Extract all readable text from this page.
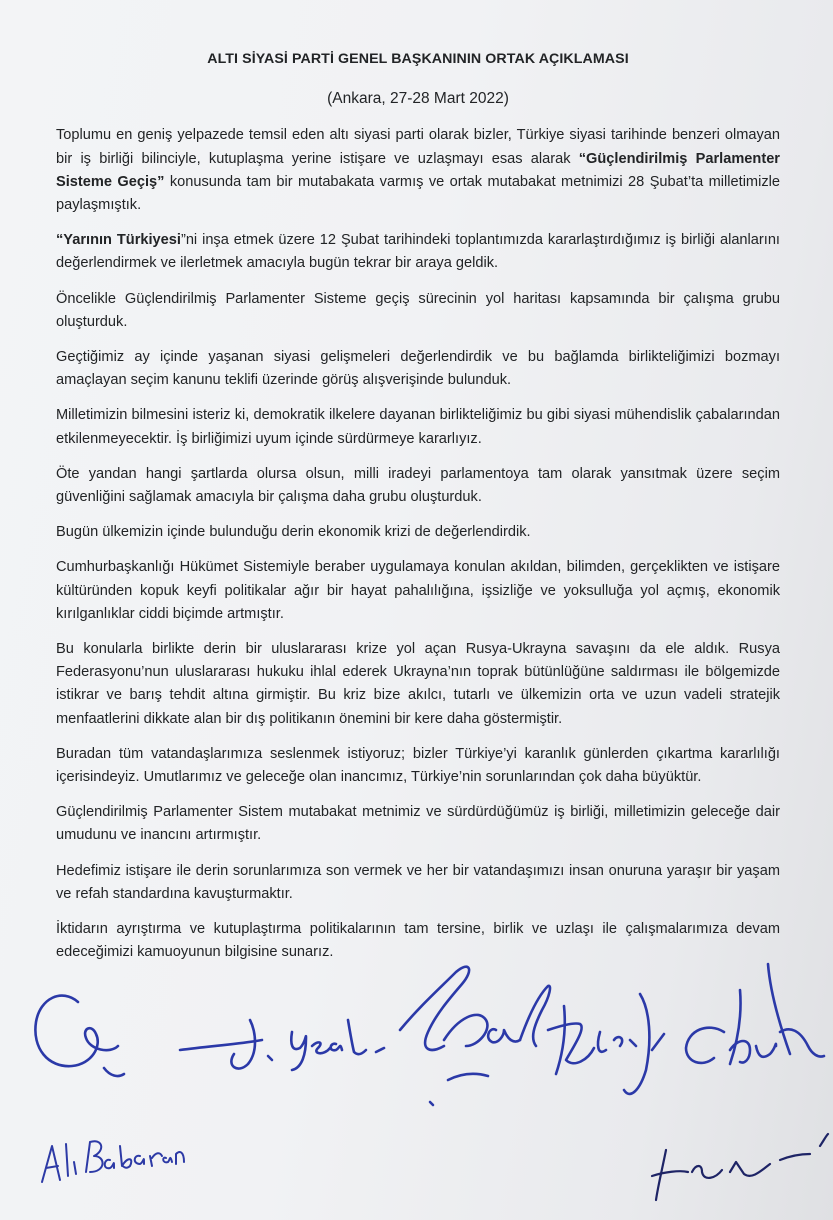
ALTI SİYASİ PARTİ GENEL BAŞKANININ ORTAK AÇIKLAMASI
(Ankara, 27-28 Mart 2022)

Toplumu en geniş yelpazede temsil eden altı siyasi parti olarak bizler, Türkiye siyasi tarihinde benzeri olmayan bir iş birliği bilinciyle, kutuplaşma yerine istişare ve uzlaşmayı esas alarak “Güçlendirilmiş Parlamenter Sisteme Geçiş” konusunda tam bir mutabakata varmış ve ortak mutabakat metnimizi 28 Şubat’ta milletimizle paylaşmıştık.

“Yarının Türkiyesi”ni inşa etmek üzere 12 Şubat tarihindeki toplantımızda kararlaştırdığımız iş birliği alanlarını değerlendirmek ve ilerletmek amacıyla bugün tekrar bir araya geldik.

Öncelikle Güçlendirilmiş Parlamenter Sisteme geçiş sürecinin yol haritası kapsamında bir çalışma grubu oluşturduk.

Geçtiğimiz ay içinde yaşanan siyasi gelişmeleri değerlendirdik ve bu bağlamda birlikteliğimizi bozmayı amaçlayan seçim kanunu teklifi üzerinde görüş alışverişinde bulunduk.

Milletimizin bilmesini isteriz ki, demokratik ilkelere dayanan birlikteliğimiz bu gibi siyasi mühendislik çabalarından etkilenmeyecektir. İş birliğimizi uyum içinde sürdürmeye kararlıyız.

Öte yandan hangi şartlarda olursa olsun, milli iradeyi parlamentoya tam olarak yansıtmak üzere seçim güvenliğini sağlamak amacıyla bir çalışma daha grubu oluşturduk.

Bugün ülkemizin içinde bulunduğu derin ekonomik krizi de değerlendirdik.

Cumhurbaşkanlığı Hükümet Sistemiyle beraber uygulamaya konulan akıldan, bilimden, gerçeklikten ve istişare kültüründen kopuk keyfi politikalar ağır bir hayat pahalılığına, işsizliğe ve yoksulluğa yol açmış, ekonomik kırılganlıklar ciddi biçimde artmıştır.

Bu konularla birlikte derin bir uluslararası krize yol açan Rusya-Ukrayna savaşını da ele aldık. Rusya Federasyonu’nun uluslararası hukuku ihlal ederek Ukrayna’nın toprak bütünlüğüne saldırması ile bölgemizde istikrar ve barış tehdit altına girmiştir. Bu kriz bize akılcı, tutarlı ve ülkemizin orta ve uzun vadeli stratejik menfaatlerini dikkate alan bir dış politikanın önemini bir kere daha göstermiştir.

Buradan tüm vatandaşlarımıza seslenmek istiyoruz; bizler Türkiye’yi karanlık günlerden çıkartma kararlılığı içerisindeyiz. Umutlarımız ve geleceğe olan inancımız, Türkiye’nin sorunlarından çok daha büyüktür.

Güçlendirilmiş Parlamenter Sistem mutabakat metnimiz ve sürdürdüğümüz iş birliği, milletimizin geleceğe dair umudunu ve inancını artırmıştır.

Hedefimiz istişare ile derin sorunlarımıza son vermek ve her bir vatandaşımızı insan onuruna yaraşır bir yaşam ve refah standardına kavuşturmaktır.

İktidarın ayrıştırma ve kutuplaştırma politikalarının tam tersine, birlik ve uzlaşı ile çalışmalarımıza devam edeceğimizi kamuoyunun bilgisine sunarız.
